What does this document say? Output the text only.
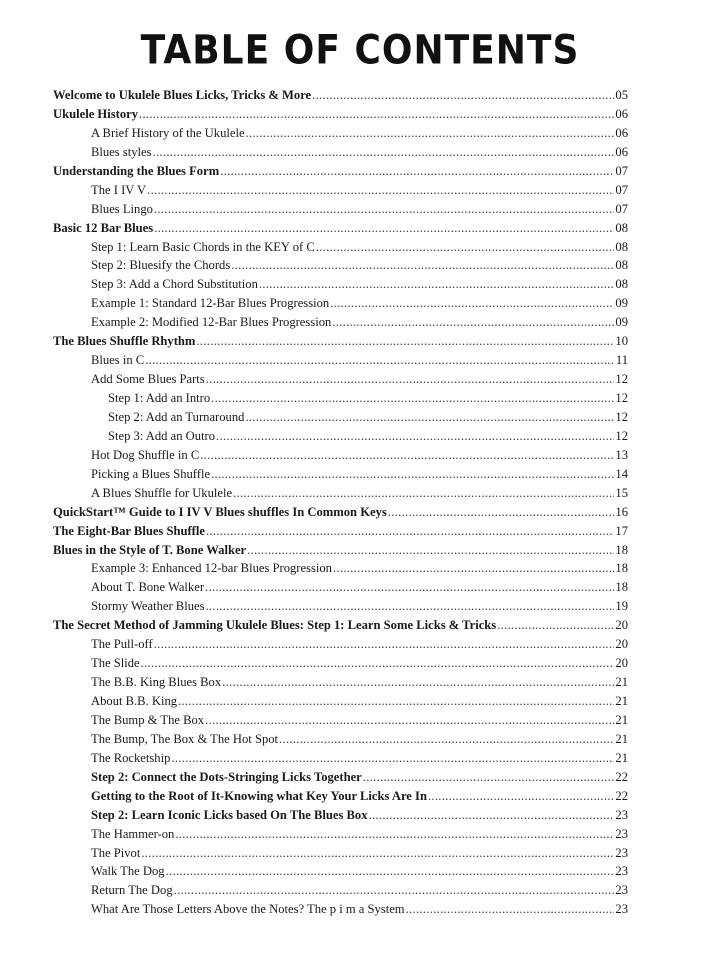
TABLE OF CONTENTS
Welcome to Ukulele Blues Licks, Tricks & More .....	05
Ukulele History .....	06
A Brief History of the Ukulele .....	06
Blues styles .....	06
Understanding the Blues Form .....	07
The I IV V .....	07
Blues Lingo .....	07
Basic 12 Bar Blues .....	08
Step 1: Learn Basic Chords in the KEY of C .....	08
Step 2: Bluesify the Chords .....	08
Step 3: Add a Chord Substitution .....	08
Example 1: Standard 12-Bar Blues Progression .....	09
Example 2: Modified 12-Bar Blues Progression .....	09
The Blues Shuffle Rhythm .....	10
Blues in C .....	11
Add Some Blues Parts .....	12
Step 1: Add an Intro .....	12
Step 2: Add an Turnaround .....	12
Step 3: Add an Outro .....	12
Hot Dog Shuffle in C .....	13
Picking a Blues Shuffle .....	14
A Blues Shuffle for Ukulele .....	15
QuickStart™ Guide to I IV V Blues shuffles In Common Keys .....	16
The Eight-Bar Blues Shuffle .....	17
Blues in the Style of T. Bone Walker .....	18
Example 3: Enhanced 12-bar Blues Progression .....	18
About T. Bone Walker .....	18
Stormy Weather Blues .....	19
The Secret Method of Jamming Ukulele Blues: Step 1: Learn Some Licks & Tricks .....	20
The Pull-off .....	20
The Slide .....	20
The B.B. King Blues Box .....	21
About B.B. King .....	21
The Bump & The Box .....	21
The Bump, The Box & The Hot Spot .....	21
The Rocketship .....	21
Step 2: Connect the Dots-Stringing Licks Together .....	22
Getting to the Root of It-Knowing what Key Your Licks Are In .....	22
Step 2: Learn Iconic Licks based On The Blues Box .....	23
The Hammer-on .....	23
The Pivot .....	23
Walk The Dog .....	23
Return The Dog .....	23
What Are Those Letters Above the Notes? The p i m a System .....	23
